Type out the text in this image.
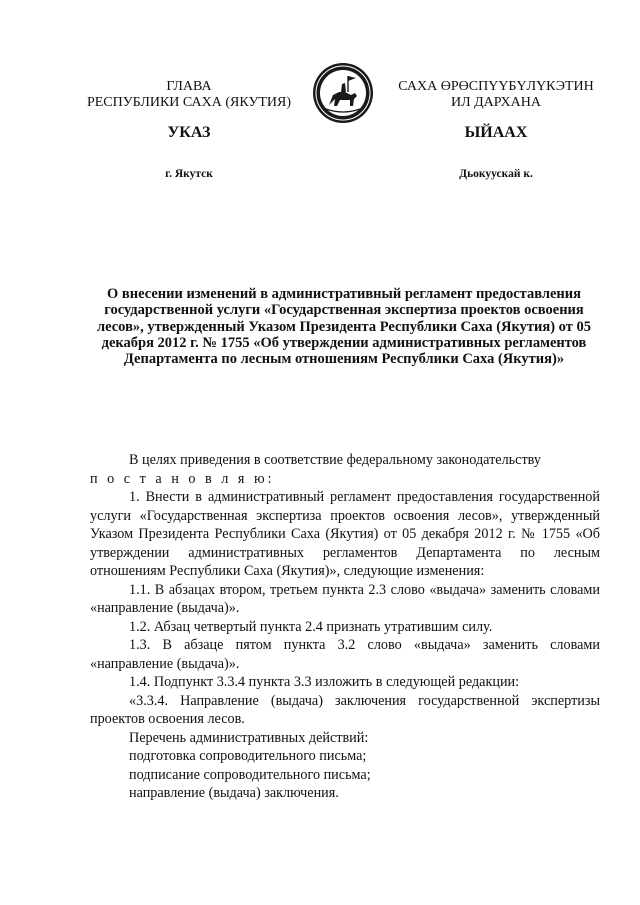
ГЛАВА
РЕСПУБЛИКИ САХА (ЯКУТИЯ)
САХА ӨРӨСПҮҮБҮЛҮКЭТИН
ИЛ ДАРХАНА
УКАЗ	ЫЙААХ
г. Якутск	Дьокуускай к.
О внесении изменений в административный регламент предоставления государственной услуги «Государственная экспертиза проектов освоения лесов», утвержденный Указом Президента Республики Саха (Якутия) от 05 декабря 2012 г. № 1755 «Об утверждении административных регламентов Департамента по лесным отношениям Республики Саха (Якутия)»

В целях приведения в соответствие федеральному законодательству

п о с т а н о в л я ю:

1. Внести в административный регламент предоставления государственной услуги «Государственная экспертиза проектов освоения лесов», утвержденный Указом Президента Республики Саха (Якутия) от 05 декабря 2012 г. № 1755 «Об утверждении административных регламентов Департамента по лесным отношениям Республики Саха (Якутия)», следующие изменения:

1.1. В абзацах втором, третьем пункта 2.3 слово «выдача» заменить словами «направление (выдача)».

1.2. Абзац четвертый пункта 2.4 признать утратившим силу.

1.3. В абзаце пятом пункта 3.2 слово «выдача» заменить словами «направление (выдача)».

1.4. Подпункт 3.3.4 пункта 3.3 изложить в следующей редакции:

«3.3.4. Направление (выдача) заключения государственной экспертизы проектов освоения лесов.

Перечень административных действий:

подготовка сопроводительного письма;

подписание сопроводительного письма;

направление (выдача) заключения.
